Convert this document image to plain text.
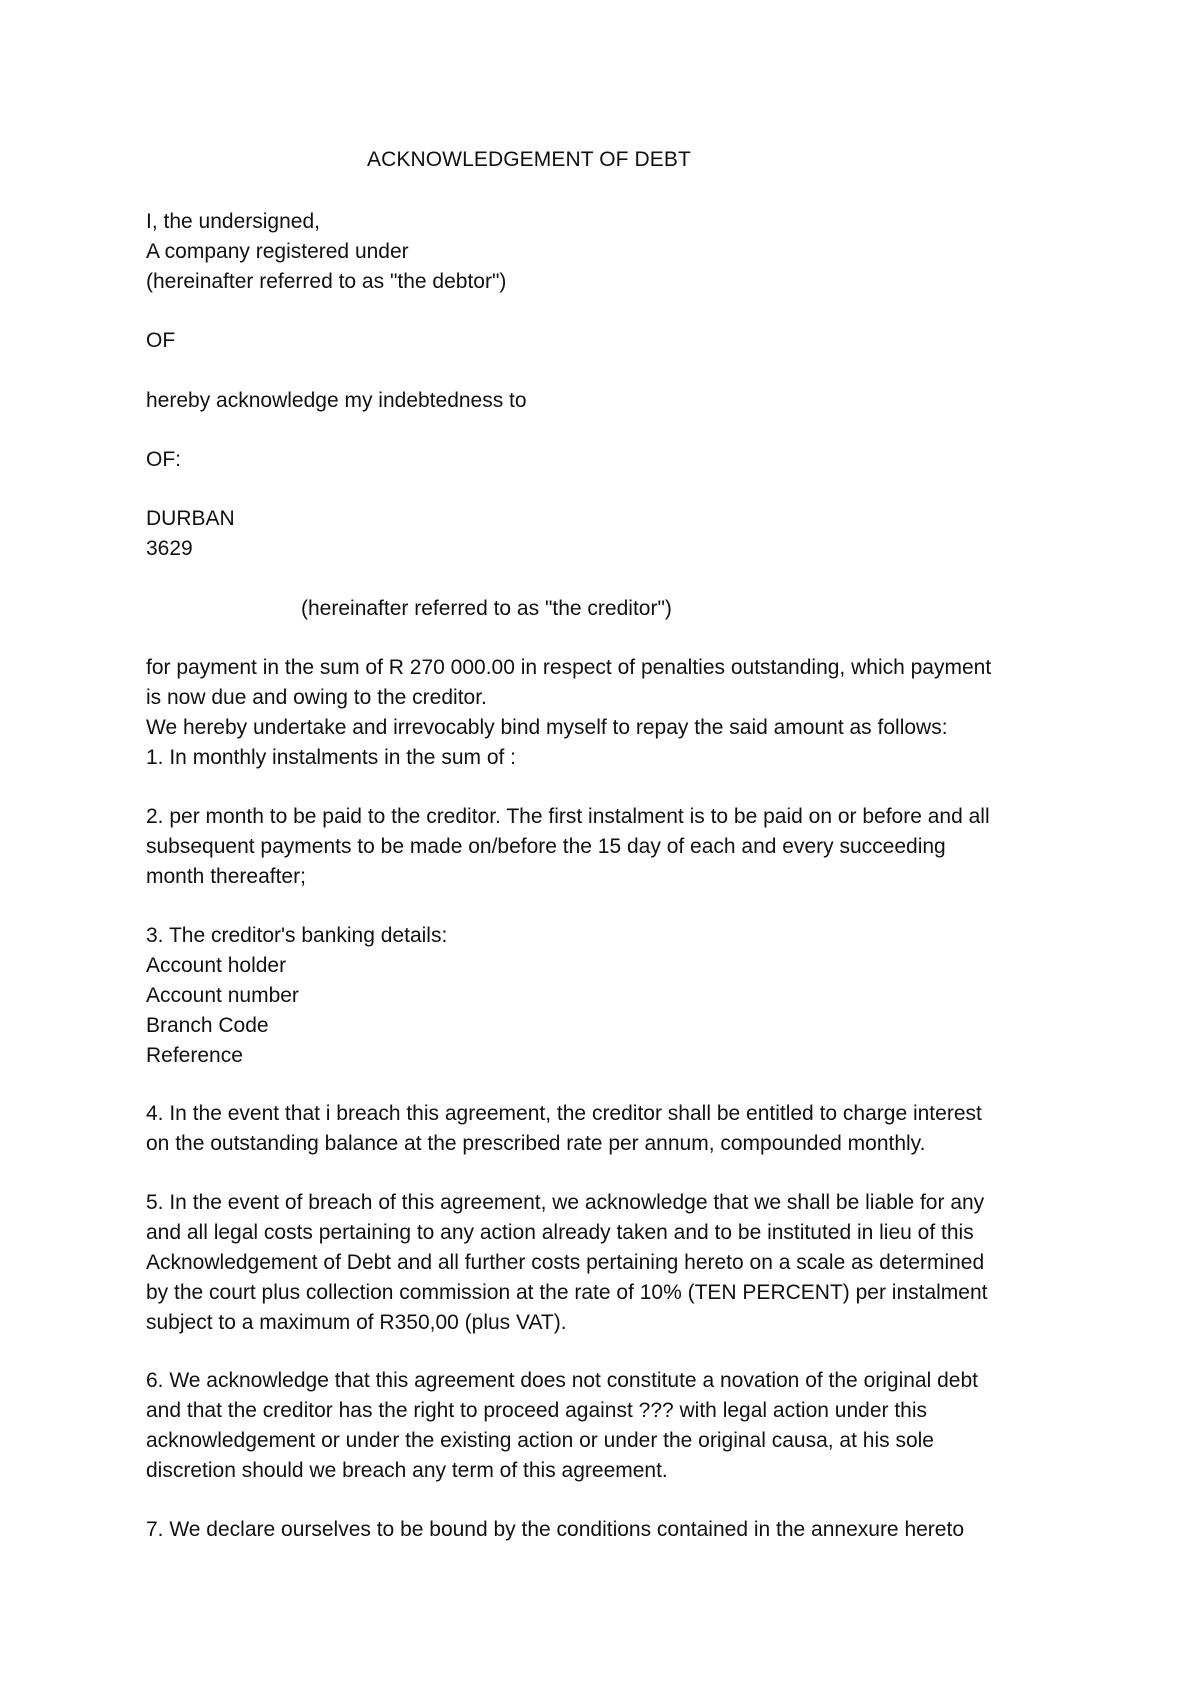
ACKNOWLEDGEMENT OF DEBT

I, the undersigned,

A company registered under

(hereinafter referred to as "the debtor")

OF

hereby acknowledge my indebtedness to

OF:

DURBAN

3629

(hereinafter referred to as "the creditor")

for payment in the sum of R 270 000.00 in respect of penalties outstanding, which payment

is now due and owing to the creditor.

We hereby undertake and irrevocably bind myself to repay the said amount as follows:

1. In monthly instalments in the sum of :

2. per month to be paid to the creditor. The first instalment is to be paid on or before and all

subsequent payments to be made on/before the 15 day of each and every succeeding

month thereafter;

3. The creditor's banking details:

Account holder

Account number

Branch Code

Reference

4. In the event that i breach this agreement, the creditor shall be entitled to charge interest

on the outstanding balance at the prescribed rate per annum, compounded monthly.

5. In the event of breach of this agreement, we acknowledge that we shall be liable for any

and all legal costs pertaining to any action already taken and to be instituted in lieu of this

Acknowledgement of Debt and all further costs pertaining hereto on a scale as determined

by the court plus collection commission at the rate of 10% (TEN PERCENT) per instalment

subject to a maximum of R350,00 (plus VAT).

6. We acknowledge that this agreement does not constitute a novation of the original debt

and that the creditor has the right to proceed against ??? with legal action under this

acknowledgement or under the existing action or under the original causa, at his sole

discretion should we breach any term of this agreement.

7. We declare ourselves to be bound by the conditions contained in the annexure hereto
